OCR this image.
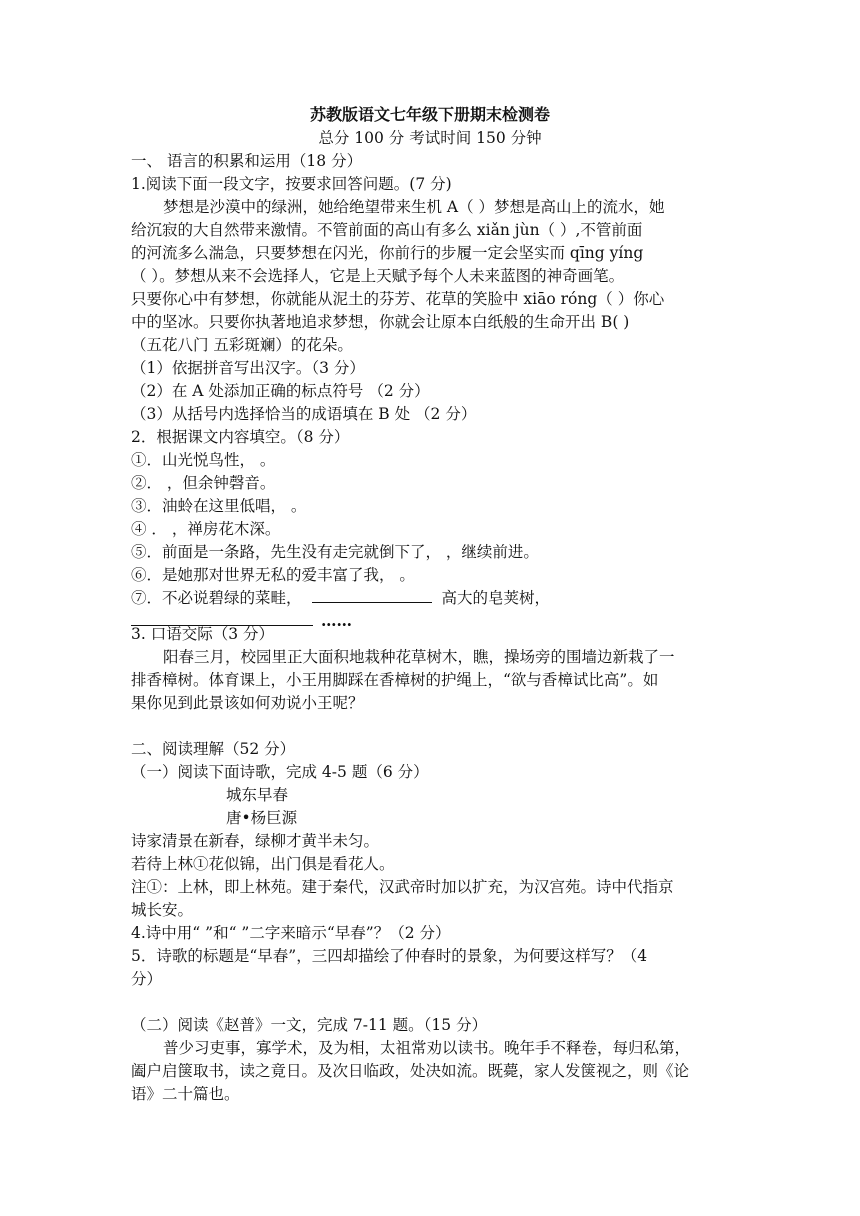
苏教版语文七年级下册期末检测卷
总分 100 分 考试时间 150 分钟
一、 语言的积累和运用（18 分）
1.阅读下面一段文字，按要求回答问题。(7 分)
梦想是沙漠中的绿洲，她给绝望带来生机 A（ ）梦想是高山上的流水，她
给沉寂的大自然带来激情。不管前面的高山有多么 xiǎn jùn（ ）,不管前面
的河流多么湍急，只要梦想在闪光，你前行的步履一定会坚实而 qīng yíng
（ ）。梦想从来不会选择人，它是上天赋予每个人未来蓝图的神奇画笔。
只要你心中有梦想，你就能从泥土的芬芳、花草的笑脸中 xiāo róng（ ）你心
中的坚冰。只要你执著地追求梦想，你就会让原本白纸般的生命开出 B( )
（五花八门 五彩斑斓）的花朵。
（1）依据拼音写出汉字。（3 分）
（2）在 A 处添加正确的标点符号 （2 分）
（3）从括号内选择恰当的成语填在 B 处 （2 分）
2．根据课文内容填空。（8 分）
①．山光悦鸟性， 。
②． ，但余钟磬音。
③．油蛉在这里低唱， 。
④ ． ，禅房花木深。
⑤．前面是一条路，先生没有走完就倒下了， ，继续前进。
⑥．是她那对世界无私的爱丰富了我， 。
⑦．不必说碧绿的菜畦，	高大的皂荚树，
……
3. 口语交际（3 分）
阳春三月，校园里正大面积地栽种花草树木，瞧，操场旁的围墙边新栽了一
排香樟树。体育课上，小王用脚踩在香樟树的护绳上，“欲与香樟试比高”。如
果你见到此景该如何劝说小王呢？
二、阅读理解（52 分）
（一）阅读下面诗歌，完成 4-5 题（6 分）
城东早春
唐•杨巨源
诗家清景在新春，绿柳才黄半未匀。
若待上林①花似锦，出门俱是看花人。
注①：上林，即上林苑。建于秦代，汉武帝时加以扩充，为汉宫苑。诗中代指京
城长安。
4.诗中用“ ”和“ ”二字来暗示“早春”？（2 分）
5．诗歌的标题是“早春”，三四却描绘了仲春时的景象，为何要这样写？（4
分）
（二）阅读《赵普》一文，完成 7-11 题。（15 分）
普少习吏事，寡学术，及为相，太祖常劝以读书。晚年手不释卷，每归私第，
阖户启箧取书，读之竟日。及次日临政，处决如流。既薨，家人发箧视之，则《论
语》二十篇也。
